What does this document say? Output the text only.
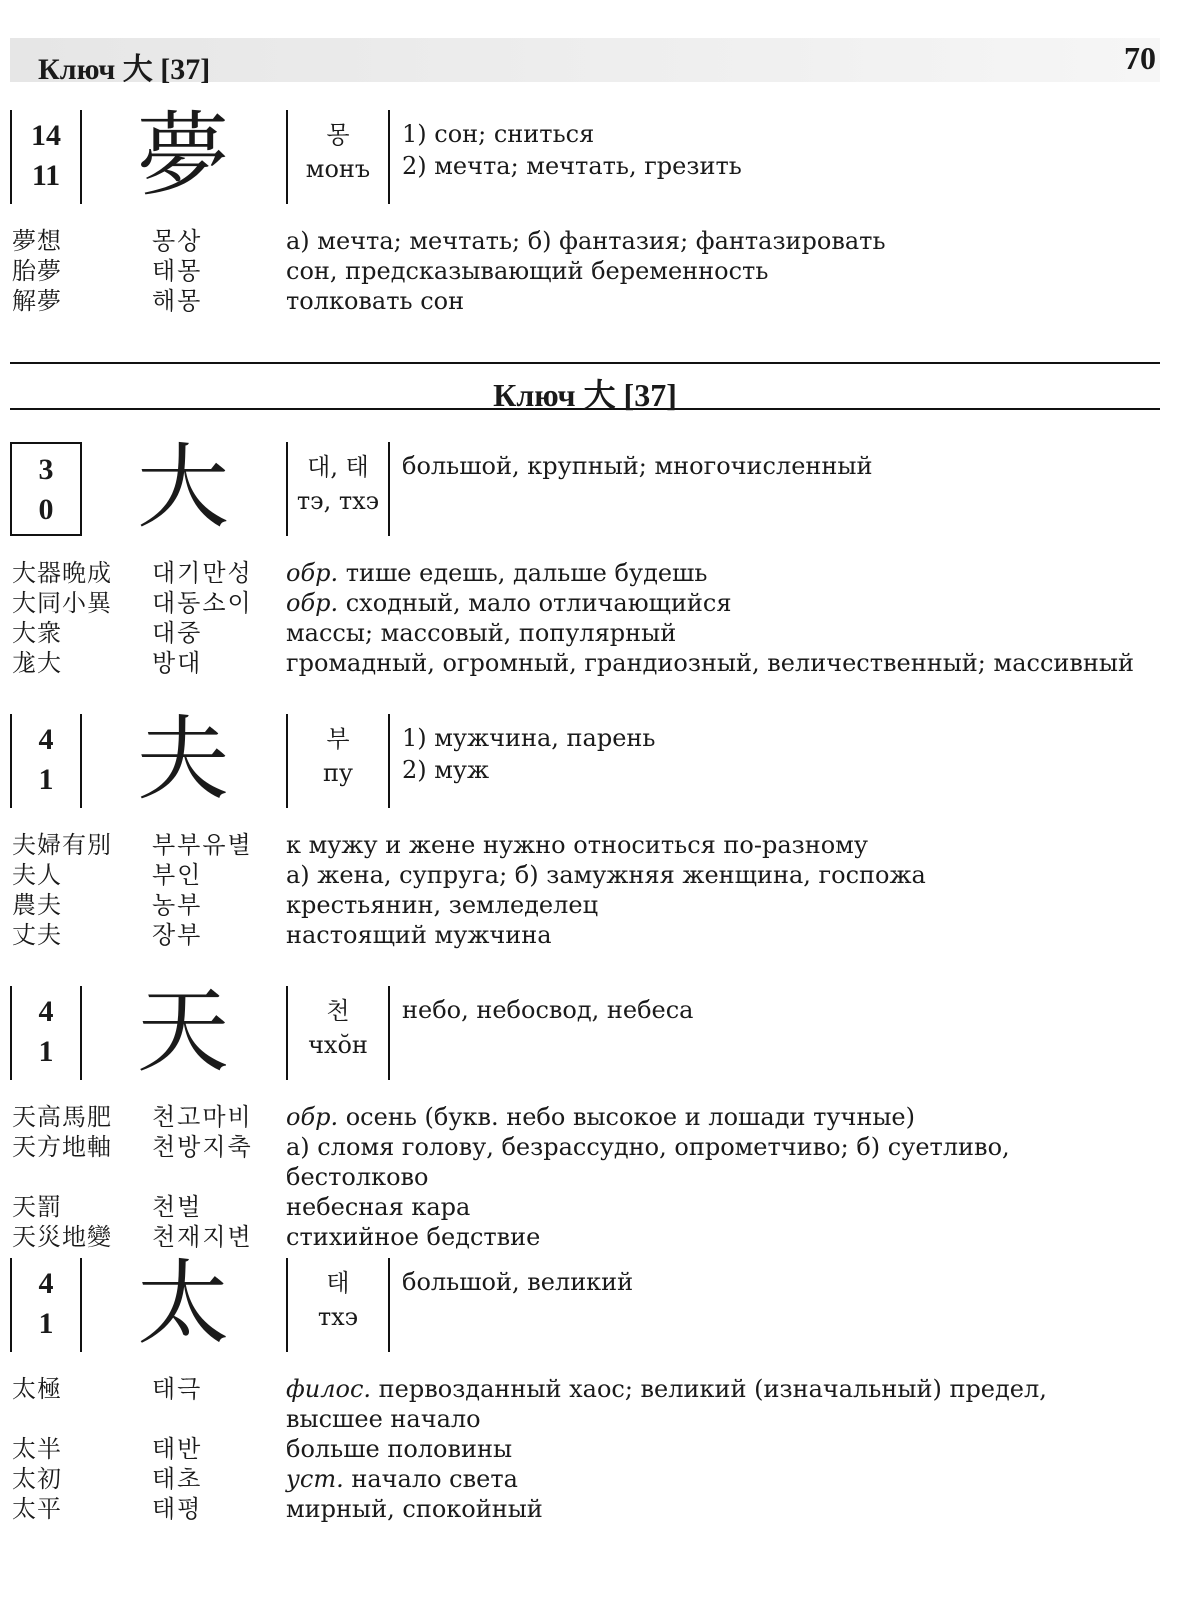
Ключ 大 [37]	70
14
11 夢	몽
монъ
1) сон; сниться
2) мечта; мечтать, грезить
夢想	몽상	а) мечта; мечтать; б) фантазия; фантазировать
胎夢	태몽	сон, предсказывающий беременность
解夢	해몽	толковать сон
Ключ 大 [37]
3
0 大	대, 태
тэ, тхэ
большой, крупный; многочисленный
大器晩成	대기만성	обр. тише едешь, дальше будешь
大同小異	대동소이	обр. сходный, мало отличающийся
大衆	대중	массы; массовый, популярный
尨大	방대	громадный, огромный, грандиозный, величественный; массивный
4
1 夫	부
пу
1) мужчина, парень
2) муж
夫婦有別	부부유별	к мужу и жене нужно относиться по-разному
夫人	부인	а) жена, супруга; б) замужняя женщина, госпожа
農夫	농부	крестьянин, земледелец
丈夫	장부	настоящий мужчина
4
1 天	천
чхŏн
небо, небосвод, небеса
天高馬肥	천고마비	обр. осень (букв. небо высокое и лошади тучные)
天方地軸	천방지축	а) сломя голову, безрассудно, опрометчиво; б) суетливо, бестолково
天罰	천벌	небесная кара
天災地變	천재지변	стихийное бедствие
4
1 太	태
тхэ
большой, великий
太極	태극	филос. первозданный хаос; великий (изначальный) предел, высшее начало
太半	태반	больше половины
太初	태초	уст. начало света
太平	태평	мирный, спокойный
